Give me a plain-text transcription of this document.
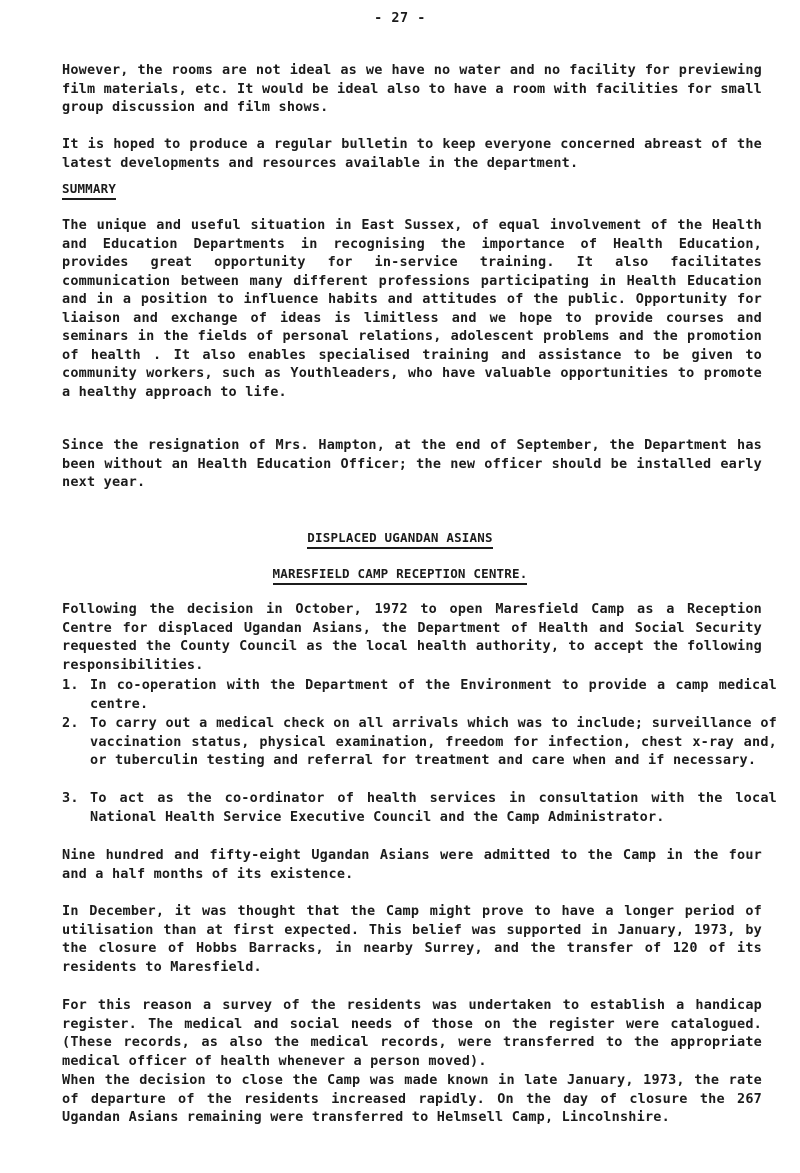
- 27 -

However, the rooms are not ideal as we have no water and no facility for previewing film materials, etc. It would be ideal also to have a room with facilities for small group discussion and film shows.

It is hoped to produce a regular bulletin to keep everyone concerned abreast of the latest developments and resources available in the department.

SUMMARY

The unique and useful situation in East Sussex, of equal involvement of the Health and Education Departments in recognising the importance of Health Education, provides great opportunity for in-service training. It also facilitates communication between many different professions participating in Health Education and in a position to influence habits and attitudes of the public. Opportunity for liaison and exchange of ideas is limitless and we hope to provide courses and seminars in the fields of personal relations, adolescent problems and the promotion of health . It also enables specialised training and assistance to be given to community workers, such as Youthleaders, who have valuable opportunities to promote a healthy approach to life.

Since the resignation of Mrs. Hampton, at the end of September, the Department has been without an Health Education Officer; the new officer should be installed early next year.

DISPLACED UGANDAN ASIANS
MARESFIELD CAMP RECEPTION CENTRE.

Following the decision in October, 1972 to open Maresfield Camp as a Reception Centre for displaced Ugandan Asians, the Department of Health and Social Security requested the County Council as the local health authority, to accept the following responsibilities.

1. In co-operation with the Department of the Environment to provide a camp medical centre.
2. To carry out a medical check on all arrivals which was to include; surveillance of vaccination status, physical examination, freedom for infection, chest x-ray and, or tuberculin testing and referral for treatment and care when and if necessary.
3. To act as the co-ordinator of health services in consultation with the local National Health Service Executive Council and the Camp Administrator.

Nine hundred and fifty-eight Ugandan Asians were admitted to the Camp in the four and a half months of its existence.

In December, it was thought that the Camp might prove to have a longer period of utilisation than at first expected. This belief was supported in January, 1973, by the closure of Hobbs Barracks, in nearby Surrey, and the transfer of 120 of its residents to Maresfield.

For this reason a survey of the residents was undertaken to establish a handicap register. The medical and social needs of those on the register were catalogued. (These records, as also the medical records, were transferred to the appropriate medical officer of health whenever a person moved).

When the decision to close the Camp was made known in late January, 1973, the rate of departure of the residents increased rapidly. On the day of closure the 267 Ugandan Asians remaining were transferred to Helmsell Camp, Lincolnshire.
